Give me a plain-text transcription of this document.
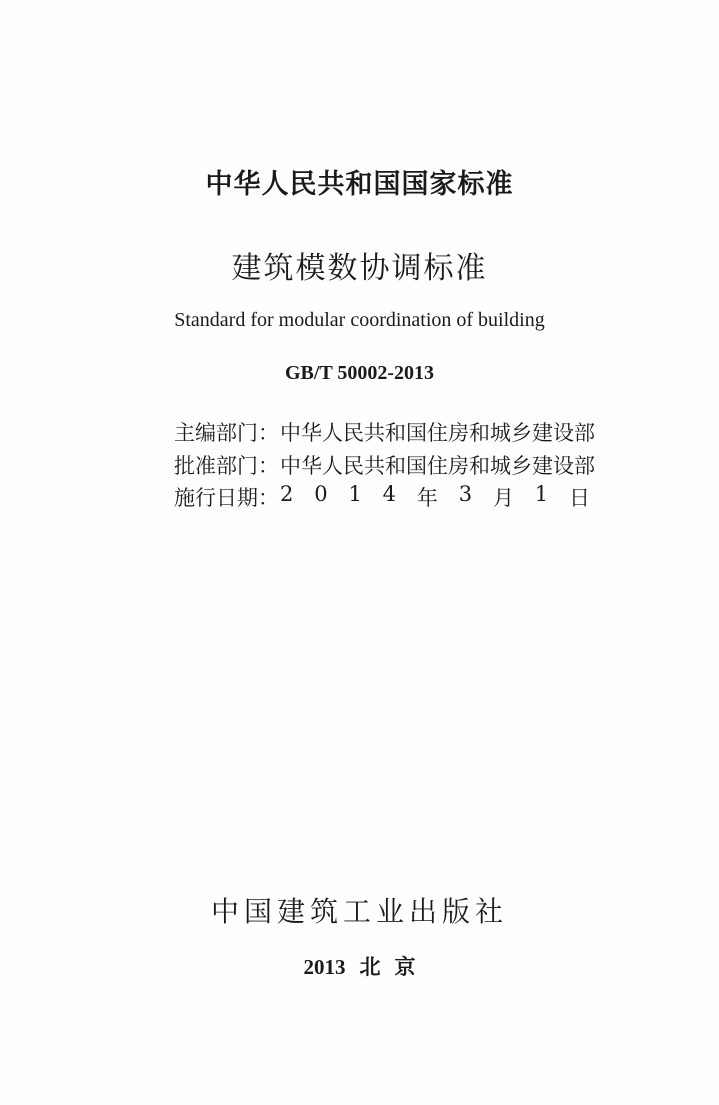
中华人民共和国国家标准
建筑模数协调标准
Standard for modular coordination of building
GB/T 50002-2013
主编部门： 中华人民共和国住房和城乡建设部
批准部门： 中华人民共和国住房和城乡建设部
施行日期： 2 0 1 4 年 3 月 1 日
中国建筑工业出版社
2013 北 京
